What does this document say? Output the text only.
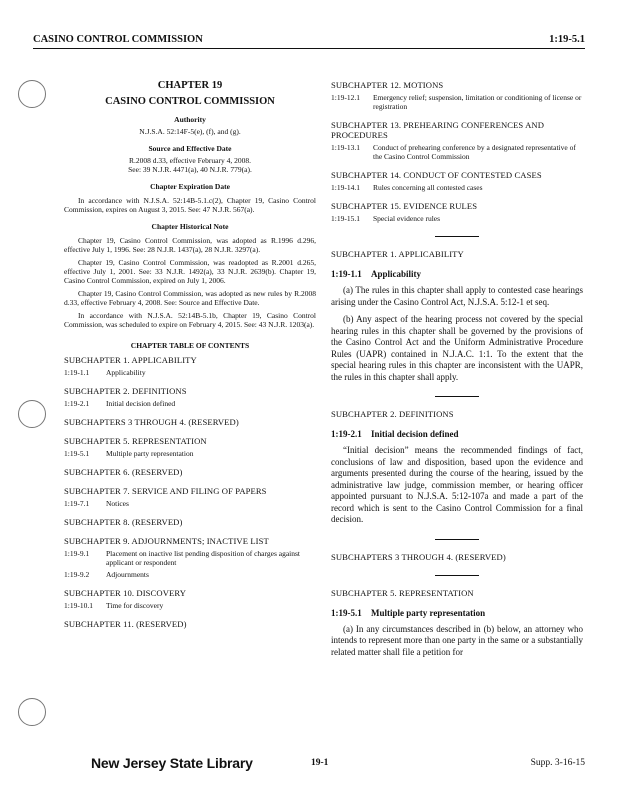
CASINO CONTROL COMMISSION	1:19-5.1
CHAPTER 19
CASINO CONTROL COMMISSION
Authority
N.J.S.A. 52:14F-5(e), (f), and (g).
Source and Effective Date
R.2008 d.33, effective February 4, 2008.
See: 39 N.J.R. 4471(a), 40 N.J.R. 779(a).
Chapter Expiration Date
In accordance with N.J.S.A. 52:14B-5.1.c(2), Chapter 19, Casino Control Commission, expires on August 3, 2015. See: 47 N.J.R. 567(a).
Chapter Historical Note
Chapter 19, Casino Control Commission, was adopted as R.1996 d.296, effective July 1, 1996. See: 28 N.J.R. 1437(a), 28 N.J.R. 3297(a).
Chapter 19, Casino Control Commission, was readopted as R.2001 d.265, effective July 1, 2001. See: 33 N.J.R. 1492(a), 33 N.J.R. 2639(b). Chapter 19, Casino Control Commission, expired on July 1, 2006.
Chapter 19, Casino Control Commission, was adopted as new rules by R.2008 d.33, effective February 4, 2008. See: Source and Effective Date.
In accordance with N.J.S.A. 52:14B-5.1b, Chapter 19, Casino Control Commission, was scheduled to expire on February 4, 2015. See: 43 N.J.R. 1203(a).
CHAPTER TABLE OF CONTENTS
SUBCHAPTER 1. APPLICABILITY
1:19-1.1	Applicability
SUBCHAPTER 2. DEFINITIONS
1:19-2.1	Initial decision defined
SUBCHAPTERS 3 THROUGH 4. (RESERVED)
SUBCHAPTER 5. REPRESENTATION
1:19-5.1	Multiple party representation
SUBCHAPTER 6. (RESERVED)
SUBCHAPTER 7. SERVICE AND FILING OF PAPERS
1:19-7.1	Notices
SUBCHAPTER 8. (RESERVED)
SUBCHAPTER 9. ADJOURNMENTS; INACTIVE LIST
1:19-9.1	Placement on inactive list pending disposition of charges against applicant or respondent
1:19-9.2	Adjournments
SUBCHAPTER 10. DISCOVERY
1:19-10.1	Time for discovery
SUBCHAPTER 11. (RESERVED)
SUBCHAPTER 12. MOTIONS
1:19-12.1	Emergency relief; suspension, limitation or conditioning of license or registration
SUBCHAPTER 13. PREHEARING CONFERENCES AND PROCEDURES
1:19-13.1	Conduct of prehearing conference by a designated representative of the Casino Control Commission
SUBCHAPTER 14. CONDUCT OF CONTESTED CASES
1:19-14.1	Rules concerning all contested cases
SUBCHAPTER 15. EVIDENCE RULES
1:19-15.1	Special evidence rules
SUBCHAPTER 1. APPLICABILITY
1:19-1.1 Applicability
(a) The rules in this chapter shall apply to contested case hearings arising under the Casino Control Act, N.J.S.A. 5:12-1 et seq.
(b) Any aspect of the hearing process not covered by the special hearing rules in this chapter shall be governed by the provisions of the Casino Control Act and the Uniform Administrative Procedure Rules (UAPR) contained in N.J.A.C. 1:1. To the extent that the special hearing rules in this chapter are inconsistent with the UAPR, the rules in this chapter shall apply.
SUBCHAPTER 2. DEFINITIONS
1:19-2.1 Initial decision defined
“Initial decision” means the recommended findings of fact, conclusions of law and disposition, based upon the evidence and arguments presented during the course of the hearing, issued by the administrative law judge, commission member, or hearing officer appointed pursuant to N.J.S.A. 5:12-107a and made a part of the record which is sent to the Casino Control Commission for a final decision.
SUBCHAPTERS 3 THROUGH 4. (RESERVED)
SUBCHAPTER 5. REPRESENTATION
1:19-5.1 Multiple party representation
(a) In any circumstances described in (b) below, an attorney who intends to represent more than one party in the same or a substantially related matter shall file a petition for
New Jersey State Library	19-1	Supp. 3-16-15
